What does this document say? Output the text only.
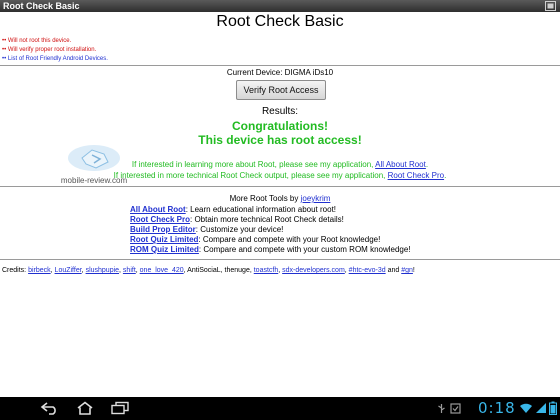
Root Check Basic
Root Check Basic
•• Will not root this device.
•• Will verify proper root installation.
•• List of Root Friendly Android Devices.
Current Device: DIGMA iDs10
Verify Root Access
Results:
Congratulations!
This device has root access!
If interested in learning more about Root, please see my application, All About Root.
If interested in more technical Root Check output, please see my application, Root Check Pro.
mobile-review.com
More Root Tools by joeykrim
All About Root: Learn educational information about root!
Root Check Pro: Obtain more technical Root Check details!
Build Prop Editor: Customize your device!
Root Quiz Limited: Compare and compete with your Root knowledge!
ROM Quiz Limited: Compare and compete with your custom ROM knowledge!
Credits: birbeck, LouZiffer, slushpupie, shift, one_love_420, AntiSociaL, thenuge, toastcfh, sdx-developers.com, #htc-evo-3d and #gn!
0:18
